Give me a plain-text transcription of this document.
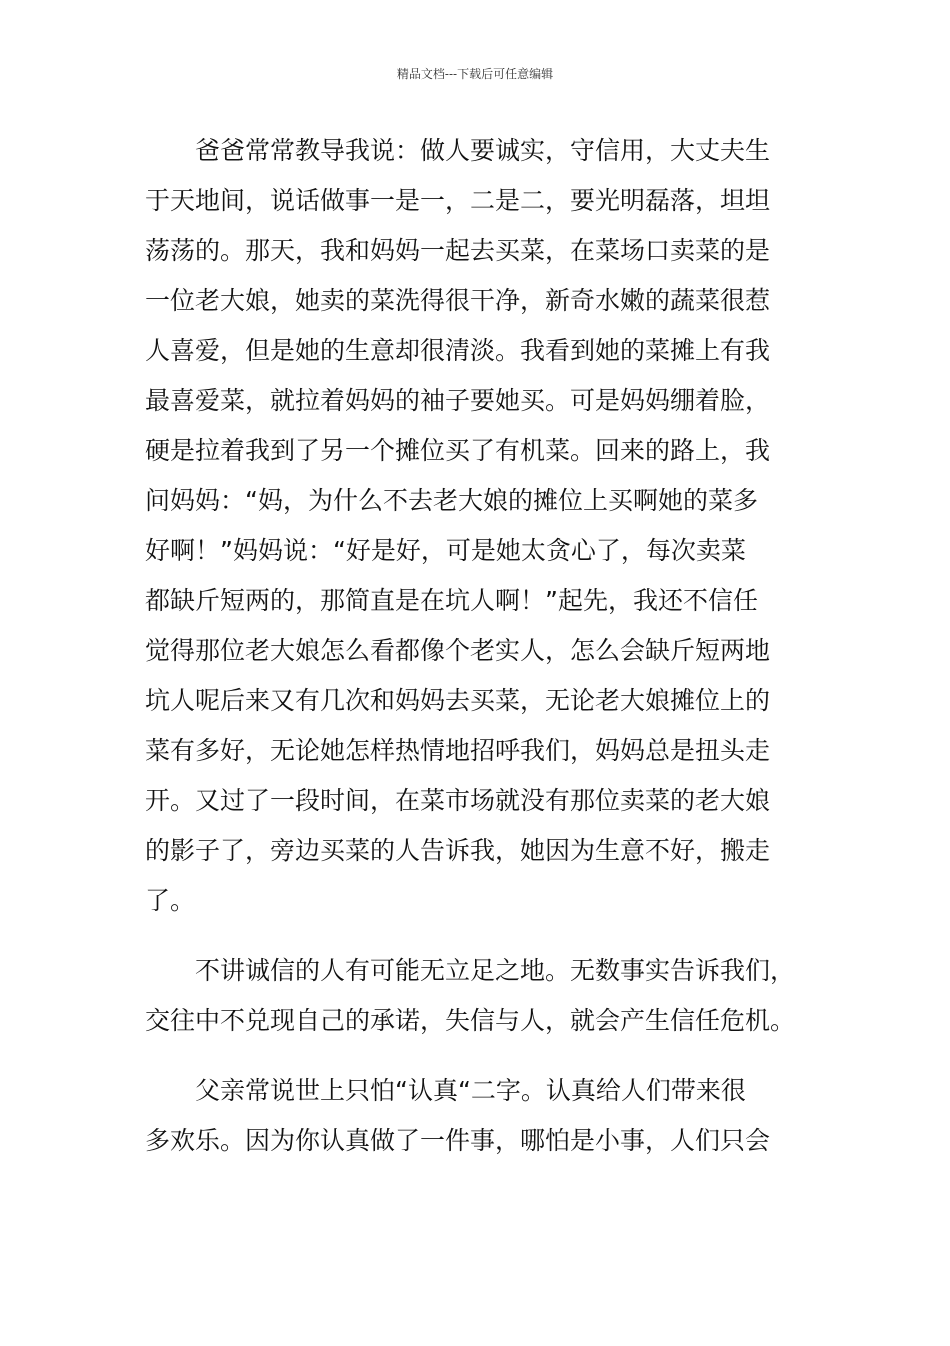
精品文档---下载后可任意编辑

爸爸常常教导我说：做人要诚实，守信用，大丈夫生
于天地间，说话做事一是一，二是二，要光明磊落，坦坦
荡荡的。那天，我和妈妈一起去买菜，在菜场口卖菜的是
一位老大娘，她卖的菜洗得很干净，新奇水嫩的蔬菜很惹
人喜爱，但是她的生意却很清淡。我看到她的菜摊上有我
最喜爱菜，就拉着妈妈的袖子要她买。可是妈妈绷着脸，
硬是拉着我到了另一个摊位买了有机菜。回来的路上，我
问妈妈：“妈，为什么不去老大娘的摊位上买啊她的菜多
好啊！”妈妈说：“好是好，可是她太贪心了，每次卖菜
都缺斤短两的，那简直是在坑人啊！”起先，我还不信任
觉得那位老大娘怎么看都像个老实人，怎么会缺斤短两地
坑人呢后来又有几次和妈妈去买菜，无论老大娘摊位上的
菜有多好，无论她怎样热情地招呼我们，妈妈总是扭头走
开。又过了一段时间，在菜市场就没有那位卖菜的老大娘
的影子了，旁边买菜的人告诉我，她因为生意不好，搬走
了。

不讲诚信的人有可能无立足之地。无数事实告诉我们，
交往中不兑现自己的承诺，失信与人，就会产生信任危机。

父亲常说世上只怕“认真“二字。认真给人们带来很
多欢乐。因为你认真做了一件事，哪怕是小事，人们只会
